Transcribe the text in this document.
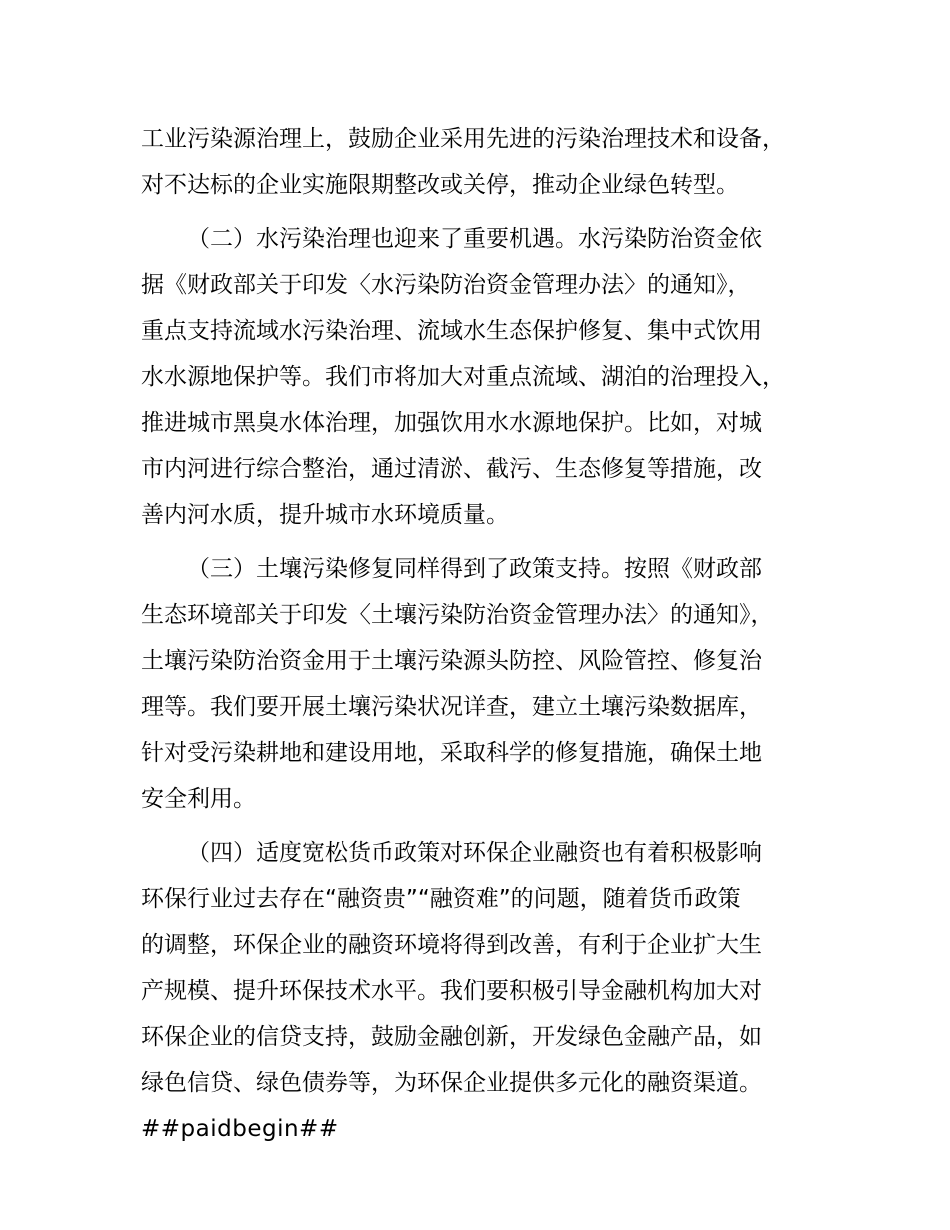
工业污染源治理上，鼓励企业采用先进的污染治理技术和设备，
对不达标的企业实施限期整改或关停，推动企业绿色转型。
（二）水污染治理也迎来了重要机遇。水污染防治资金依
据《财政部关于印发〈水污染防治资金管理办法〉的通知》，
重点支持流域水污染治理、流域水生态保护修复、集中式饮用
水水源地保护等。我们市将加大对重点流域、湖泊的治理投入，
推进城市黑臭水体治理，加强饮用水水源地保护。比如，对城
市内河进行综合整治，通过清淤、截污、生态修复等措施，改
善内河水质，提升城市水环境质量。
（三）土壤污染修复同样得到了政策支持。按照《财政部
生态环境部关于印发〈土壤污染防治资金管理办法〉的通知》，
土壤污染防治资金用于土壤污染源头防控、风险管控、修复治
理等。我们要开展土壤污染状况详查，建立土壤污染数据库，
针对受污染耕地和建设用地，采取科学的修复措施，确保土地
安全利用。
（四）适度宽松货币政策对环保企业融资也有着积极影响
环保行业过去存在“融资贵”“融资难”的问题，随着货币政策
的调整，环保企业的融资环境将得到改善，有利于企业扩大生
产规模、提升环保技术水平。我们要积极引导金融机构加大对
环保企业的信贷支持，鼓励金融创新，开发绿色金融产品，如
绿色信贷、绿色债券等，为环保企业提供多元化的融资渠道。
##paidbegin##
